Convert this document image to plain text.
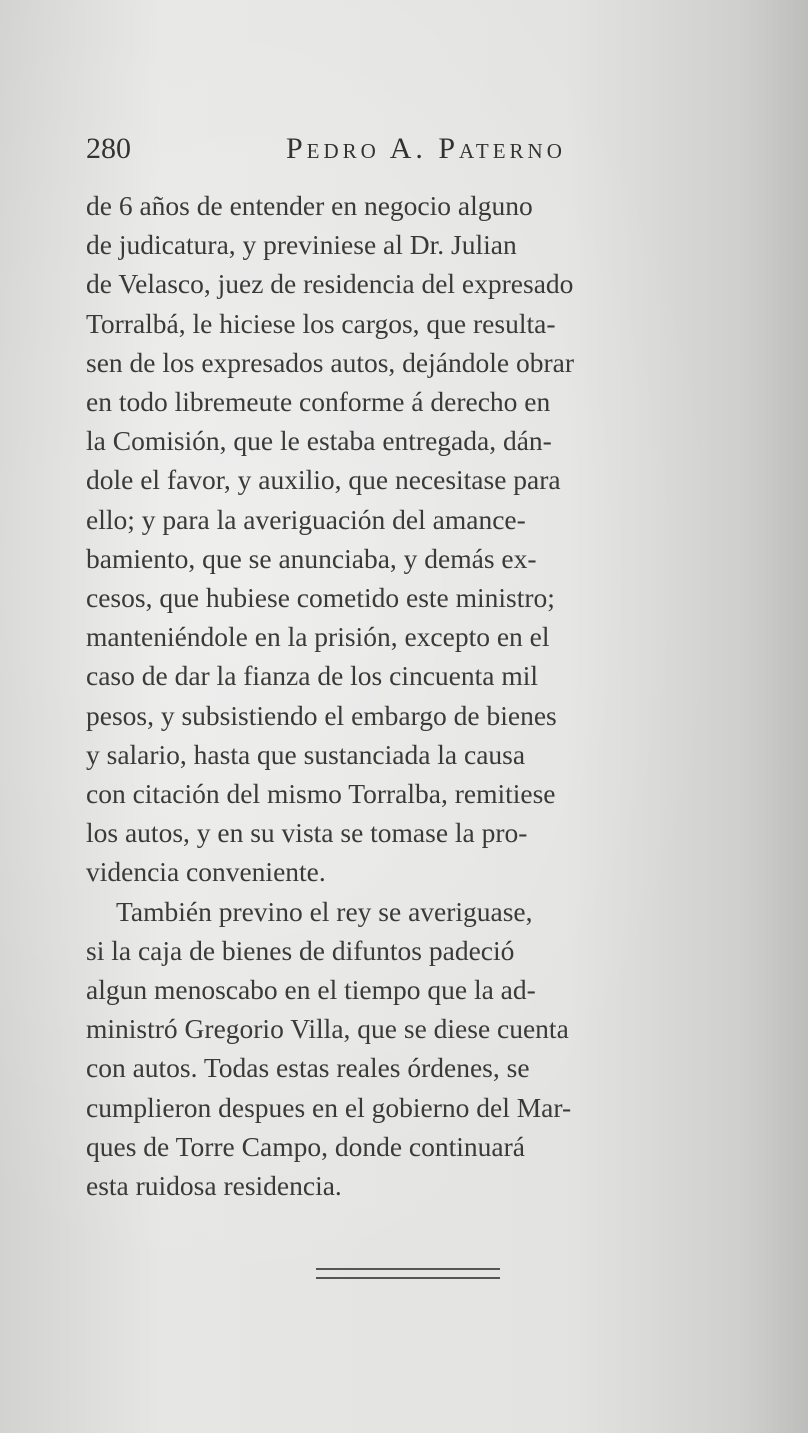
280	Pedro A. Paterno

de 6 años de entender en negocio alguno
de judicatura, y previniese al Dr. Julian
de Velasco, juez de residencia del expresado
Torralbá, le hiciese los cargos, que resulta-
sen de los expresados autos, dejándole obrar
en todo libremeute conforme á derecho en
la Comisión, que le estaba entregada, dán-
dole el favor, y auxilio, que necesitase para
ello; y para la averiguación del amance-
bamiento, que se anunciaba, y demás ex-
cesos, que hubiese cometido este ministro;
manteniéndole en la prisión, excepto en el
caso de dar la fianza de los cincuenta mil
pesos, y subsistiendo el embargo de bienes
y salario, hasta que sustanciada la causa
con citación del mismo Torralba, remitiese
los autos, y en su vista se tomase la pro-
videncia conveniente.

También previno el rey se averiguase,
si la caja de bienes de difuntos padeció
algun menoscabo en el tiempo que la ad-
ministró Gregorio Villa, que se diese cuenta
con autos. Todas estas reales órdenes, se
cumplieron despues en el gobierno del Mar-
ques de Torre Campo, donde continuará
esta ruidosa residencia.
